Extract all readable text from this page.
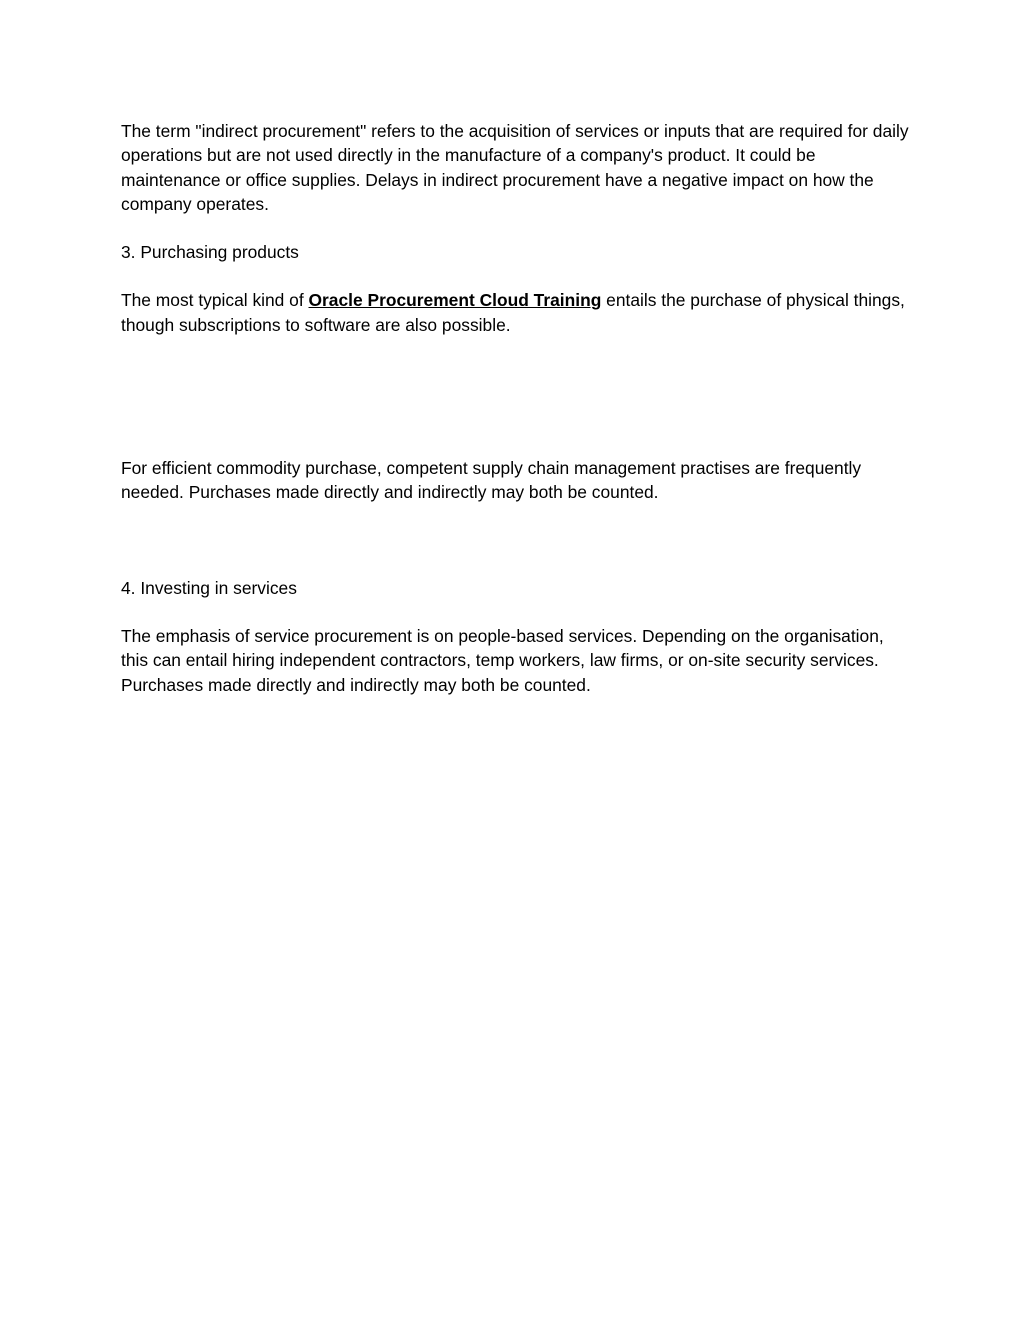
The term "indirect procurement" refers to the acquisition of services or inputs that are required for daily operations but are not used directly in the manufacture of a company's product. It could be maintenance or office supplies. Delays in indirect procurement have a negative impact on how the company operates.

3. Purchasing products

The most typical kind of Oracle Procurement Cloud Training entails the purchase of physical things, though subscriptions to software are also possible.

For efficient commodity purchase, competent supply chain management practises are frequently needed. Purchases made directly and indirectly may both be counted.

4. Investing in services

The emphasis of service procurement is on people-based services. Depending on the organisation, this can entail hiring independent contractors, temp workers, law firms, or on-site security services. Purchases made directly and indirectly may both be counted.
